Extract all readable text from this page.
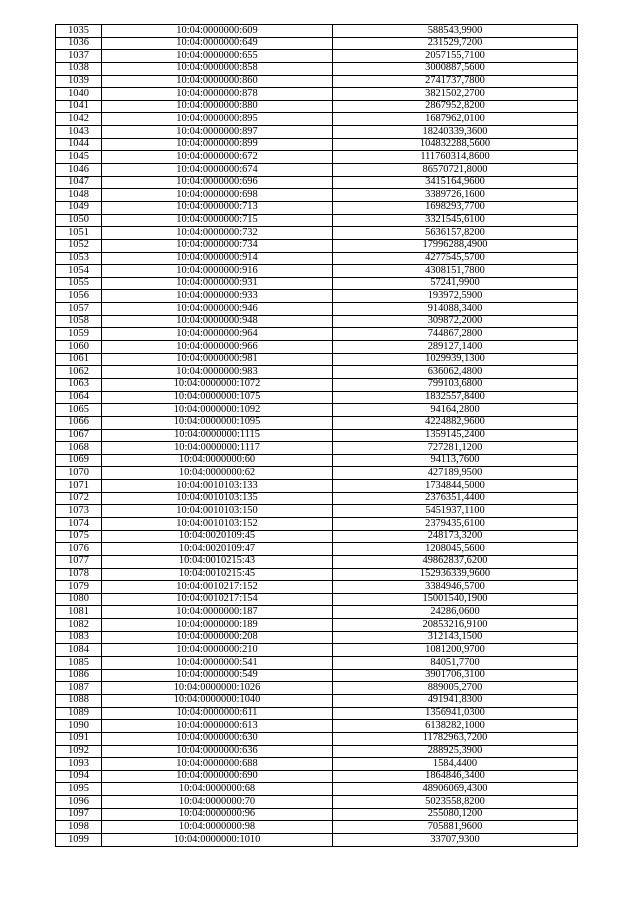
1035	10:04:0000000:609	588543,9900
1036	10:04:0000000:649	231529,7200
1037	10:04:0000000:655	2057155,7100
1038	10:04:0000000:858	3000887,5600
1039	10:04:0000000:860	2741737,7800
1040	10:04:0000000:878	3821502,2700
1041	10:04:0000000:880	2867952,8200
1042	10:04:0000000:895	1687962,0100
1043	10:04:0000000:897	18240339,3600
1044	10:04:0000000:899	104832288,5600
1045	10:04:0000000:672	111760314,8600
1046	10:04:0000000:674	86570721,8000
1047	10:04:0000000:696	3415164,9600
1048	10:04:0000000:698	3389726,1600
1049	10:04:0000000:713	1698293,7700
1050	10:04:0000000:715	3321545,6100
1051	10:04:0000000:732	5636157,8200
1052	10:04:0000000:734	17996288,4900
1053	10:04:0000000:914	4277545,5700
1054	10:04:0000000:916	4308151,7800
1055	10:04:0000000:931	57241,9900
1056	10:04:0000000:933	193972,5900
1057	10:04:0000000:946	914088,3400
1058	10:04:0000000:948	309872,2000
1059	10:04:0000000:964	744867,2800
1060	10:04:0000000:966	289127,1400
1061	10:04:0000000:981	1029939,1300
1062	10:04:0000000:983	636062,4800
1063	10:04:0000000:1072	799103,6800
1064	10:04:0000000:1075	1832557,8400
1065	10:04:0000000:1092	94164,2800
1066	10:04:0000000:1095	4224882,9600
1067	10:04:0000000:1115	1359145,2400
1068	10:04:0000000:1117	727281,1200
1069	10:04:0000000:60	94113,7600
1070	10:04:0000000:62	427189,9500
1071	10:04:0010103:133	1734844,5000
1072	10:04:0010103:135	2376351,4400
1073	10:04:0010103:150	5451937,1100
1074	10:04:0010103:152	2379435,6100
1075	10:04:0020109:45	248173,3200
1076	10:04:0020109:47	1208045,5600
1077	10:04:0010215:43	49862837,6200
1078	10:04:0010215:45	152936339,9600
1079	10:04:0010217:152	3384946,5700
1080	10:04:0010217:154	15001540,1900
1081	10:04:0000000:187	24286,0600
1082	10:04:0000000:189	20853216,9100
1083	10:04:0000000:208	312143,1500
1084	10:04:0000000:210	1081200,9700
1085	10:04:0000000:541	84051,7700
1086	10:04:0000000:549	3901706,3100
1087	10:04:0000000:1026	889005,2700
1088	10:04:0000000:1040	491941,8300
1089	10:04:0000000:611	1356941,0300
1090	10:04:0000000:613	6138282,1000
1091	10:04:0000000:630	11782963,7200
1092	10:04:0000000:636	288925,3900
1093	10:04:0000000:688	1584,4400
1094	10:04:0000000:690	1864846,3400
1095	10:04:0000000:68	48906069,4300
1096	10:04:0000000:70	5023558,8200
1097	10:04:0000000:96	255080,1200
1098	10:04:0000000:98	705881,9600
1099	10:04:0000000:1010	33707,9300
